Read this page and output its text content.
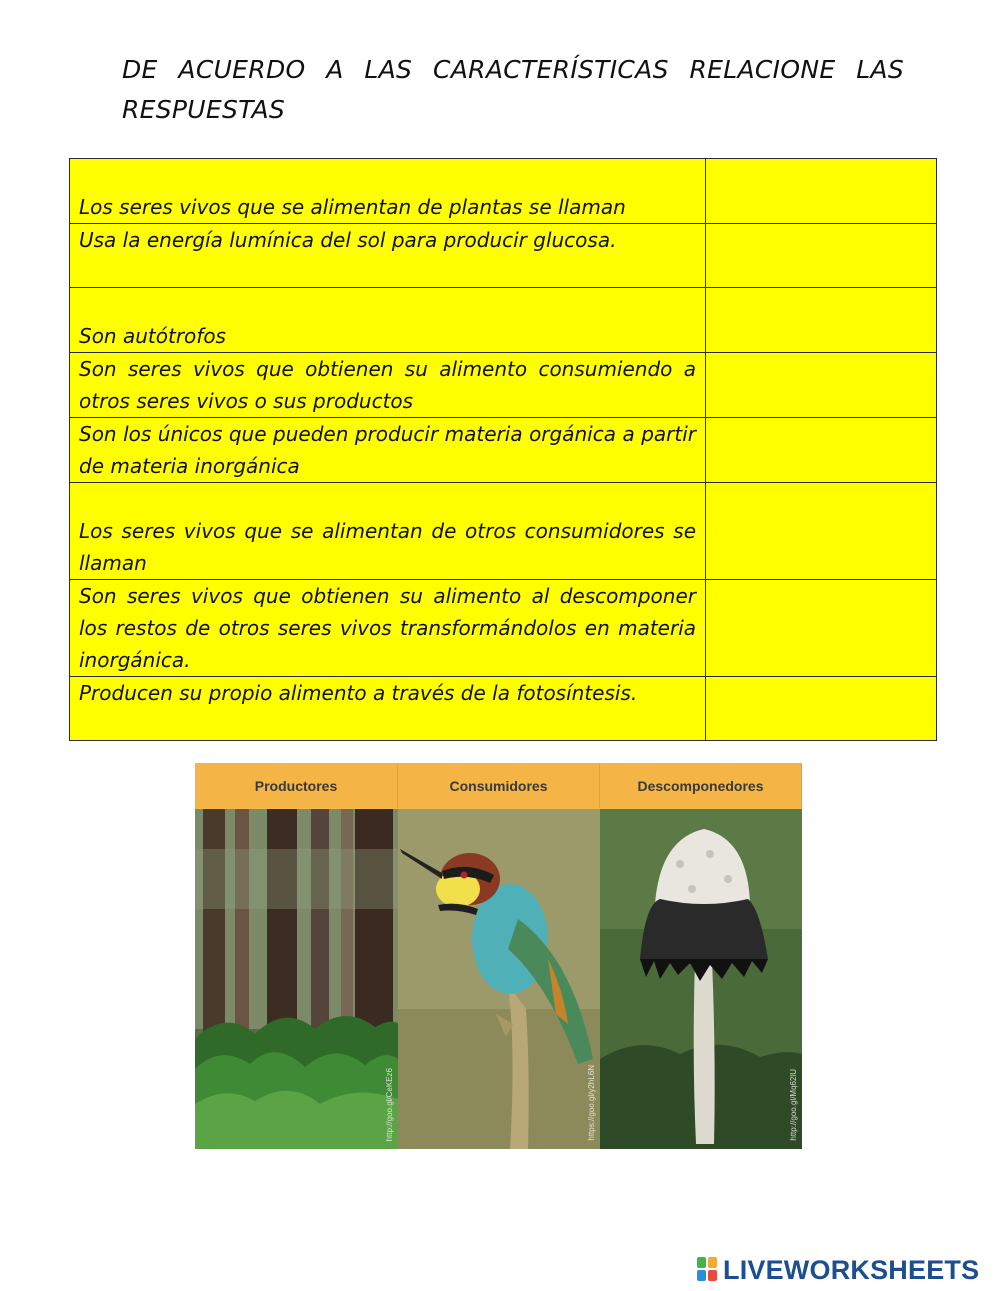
DE ACUERDO A LAS CARACTERÍSTICAS RELACIONE LAS RESPUESTAS
Los seres vivos que se alimentan de plantas se llaman	

Usa la energía lumínica del sol para producir glucosa.	

Son autótrofos	

Son seres vivos que obtienen su alimento consumiendo a otros seres vivos o sus productos	

Son los únicos que pueden producir materia orgánica a partir de materia inorgánica	

Los seres vivos que se alimentan de otros consumidores se llaman	

Son seres vivos que obtienen su alimento al descomponer los restos de otros seres vivos transformándolos en materia inorgánica.	

Producen su propio alimento a través de la fotosíntesis.	
Productores
http://goo.gl/CeKEz6
Consumidores
https://goo.gl/y2hL6N
Descomponedores
http://goo.gl/Mq62lU
LIVEWORKSHEETS
